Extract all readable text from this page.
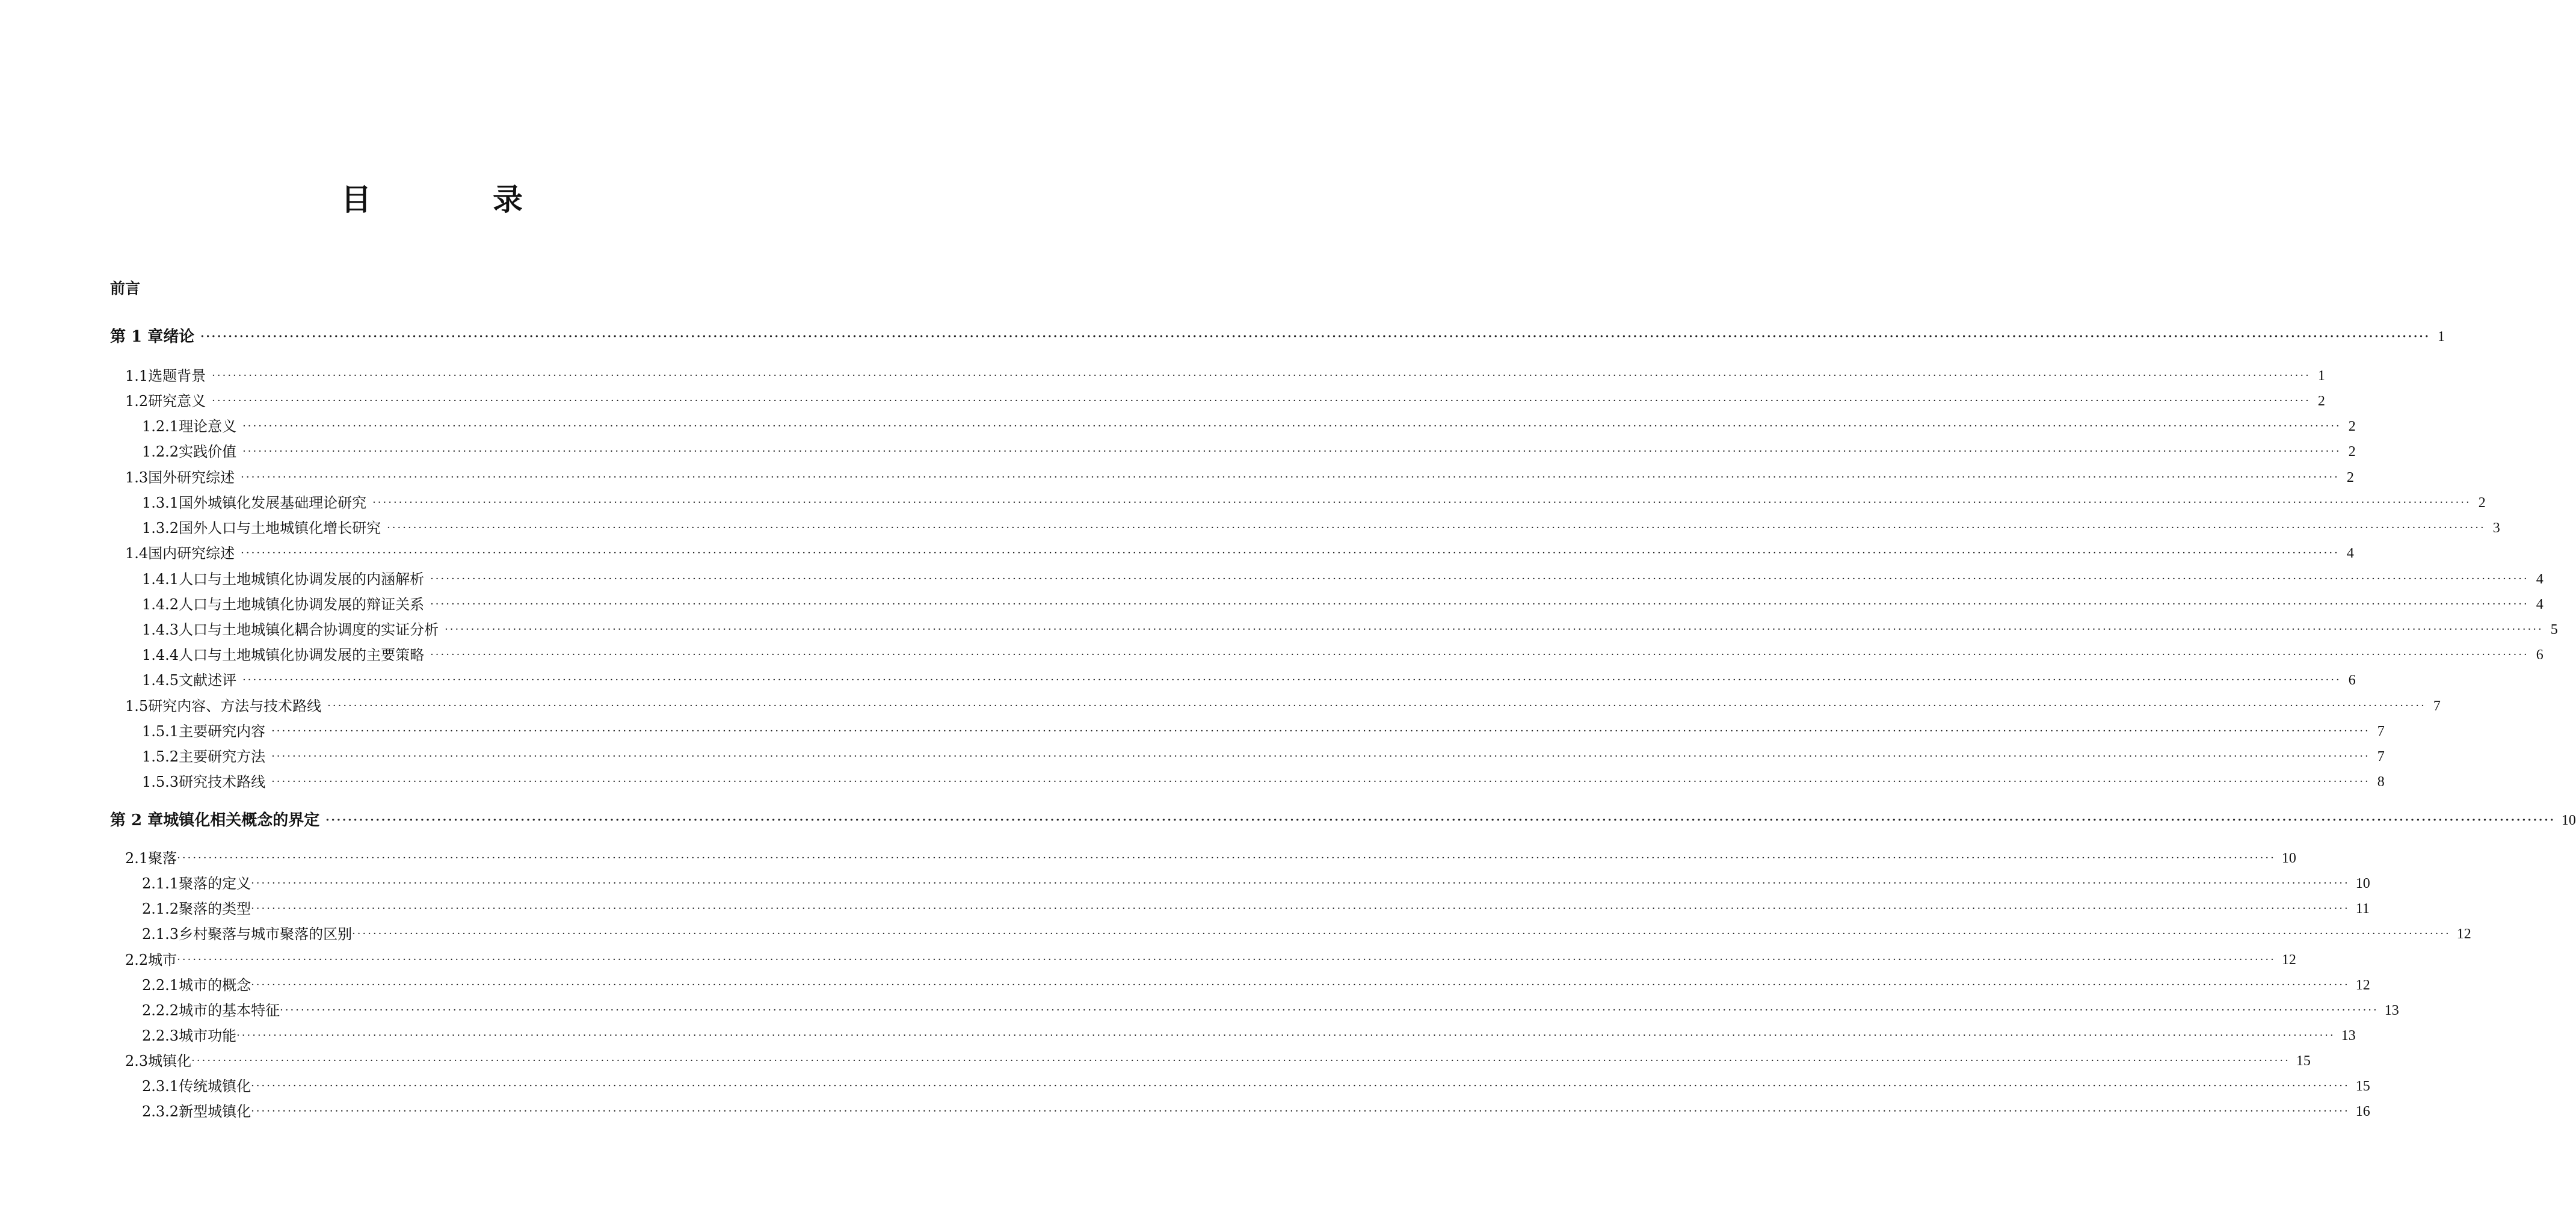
目　录
前言
第 1 章 绪论 ················································································································································································································································································································································································································ 1
1.1 选题背景 ················································································································································································································································································································································································································ 1
1.2 研究意义 ················································································································································································································································································································································································································ 2
1.2.1 理论意义 ················································································································································································································································································································································································································ 2
1.2.2 实践价值 ················································································································································································································································································································································································································ 2
1.3 国外研究综述 ················································································································································································································································································································································································································ 2
1.3.1 国外城镇化发展基础理论研究 ················································································································································································································································································································································································································ 2
1.3.2 国外人口与土地城镇化增长研究 ················································································································································································································································································································································································································ 3
1.4 国内研究综述 ················································································································································································································································································································································································································ 4
1.4.1 人口与土地城镇化协调发展的内涵解析 ················································································································································································································································································································································································································ 4
1.4.2 人口与土地城镇化协调发展的辩证关系 ················································································································································································································································································································································································································ 4
1.4.3 人口与土地城镇化耦合协调度的实证分析 ················································································································································································································································································································································································································ 5
1.4.4 人口与土地城镇化协调发展的主要策略 ················································································································································································································································································································································································································ 6
1.4.5 文献述评 ················································································································································································································································································································································································································ 6
1.5 研究内容、方法与技术路线 ················································································································································································································································································································································································································ 7
1.5.1 主要研究内容 ················································································································································································································································································································································································································ 7
1.5.2 主要研究方法 ················································································································································································································································································································································································································ 7
1.5.3 研究技术路线 ················································································································································································································································································································································································································ 8
第 2 章 城镇化相关概念的界定 ················································································································································································································································································································································································································ 10
2.1 聚落 ················································································································································································································································································································································································································ 10
2.1.1 聚落的定义 ················································································································································································································································································································································································································ 10
2.1.2 聚落的类型 ················································································································································································································································································································································································································ 11
2.1.3 乡村聚落与城市聚落的区别 ················································································································································································································································································································································································································ 12
2.2 城市 ················································································································································································································································································································································································································ 12
2.2.1 城市的概念 ················································································································································································································································································································································································································ 12
2.2.2 城市的基本特征 ················································································································································································································································································································································································································ 13
2.2.3 城市功能 ················································································································································································································································································································································································································ 13
2.3 城镇化 ················································································································································································································································································································································································································ 15
2.3.1 传统城镇化 ················································································································································································································································································································································································································ 15
2.3.2 新型城镇化 ················································································································································································································································································································································································································ 16
